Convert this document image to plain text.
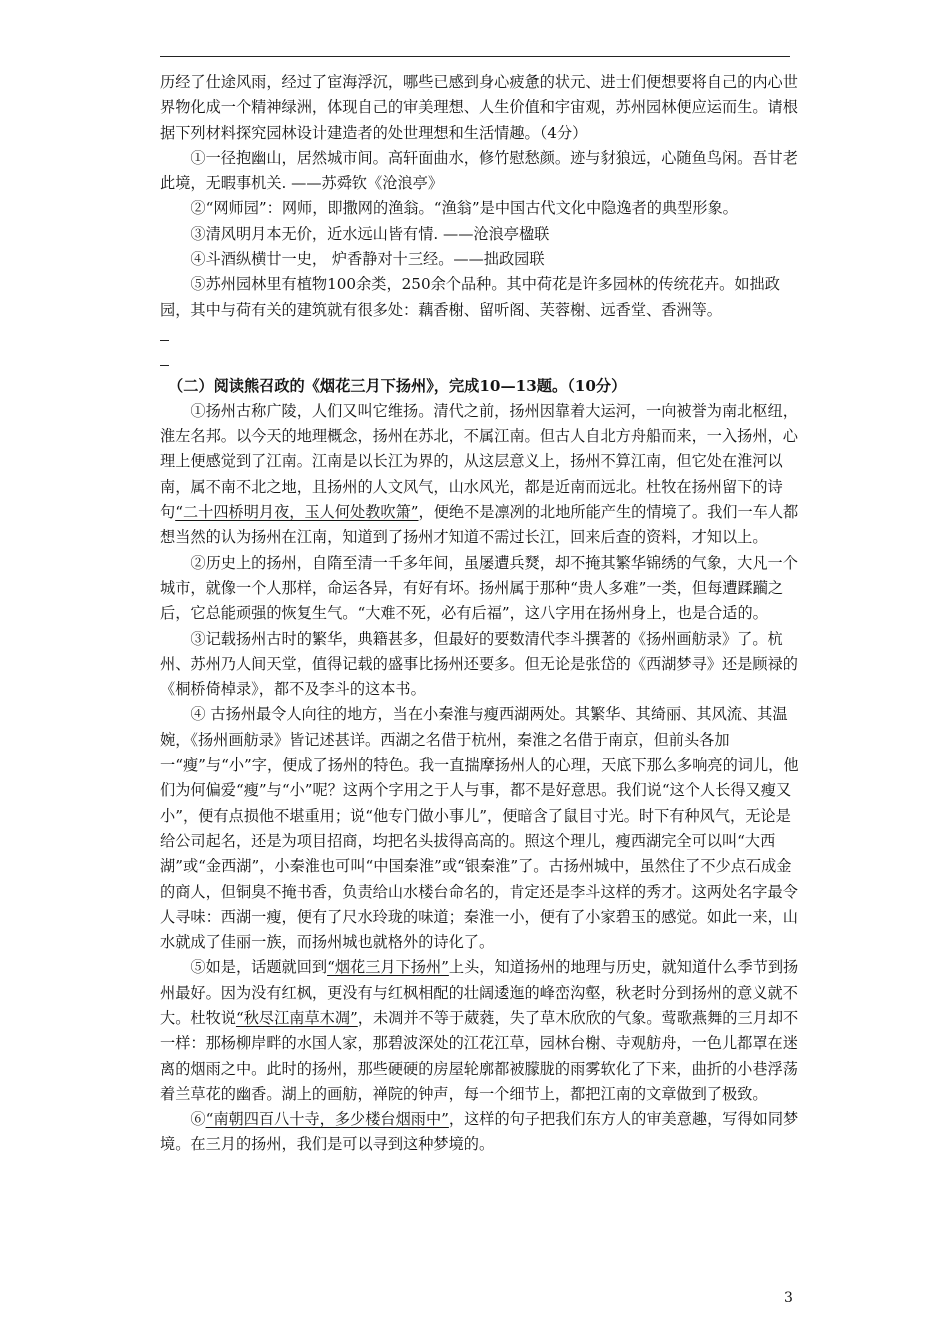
历经了仕途风雨，经过了宦海浮沉，哪些已感到身心疲惫的状元、进士们便想要将自己的内心世界物化成一个精神绿洲，体现自己的审美理想、人生价值和宇宙观，苏州园林便应运而生。请根据下列材料探究园林设计建造者的处世理想和生活情趣。（4分）

①一径抱幽山，居然城市间。高轩面曲水，修竹慰愁颜。迹与豺狼远，心随鱼鸟闲。吾甘老此境，无暇事机关. ——苏舜钦《沧浪亭》

②“网师园”：网师，即撒网的渔翁。“渔翁”是中国古代文化中隐逸者的典型形象。

③清风明月本无价，近水远山皆有情. ——沧浪亭楹联

④斗酒纵横廿一史， 炉香静对十三经。——拙政园联

⑤苏州园林里有植物100余类，250余个品种。其中荷花是许多园林的传统花卉。如拙政园，其中与荷有关的建筑就有很多处：藕香榭、留听阁、芙蓉榭、远香堂、香洲等。

（二）阅读熊召政的《烟花三月下扬州》，完成10—13题。（10分）

①扬州古称广陵，人们又叫它维扬。清代之前，扬州因靠着大运河，一向被誉为南北枢纽，淮左名邦。以今天的地理概念，扬州在苏北，不属江南。但古人自北方舟船而来，一入扬州，心理上便感觉到了江南。江南是以长江为界的，从这层意义上，扬州不算江南，但它处在淮河以南，属不南不北之地，且扬州的人文风气，山水风光，都是近南而远北。杜牧在扬州留下的诗句“二十四桥明月夜，玉人何处教吹箫”，便绝不是凛冽的北地所能产生的情境了。我们一车人都想当然的认为扬州在江南，知道到了扬州才知道不需过长江，回来后查的资料，才知以上。

②历史上的扬州，自隋至清一千多年间，虽屡遭兵燹，却不掩其繁华锦绣的气象，大凡一个城市，就像一个人那样，命运各异，有好有坏。扬州属于那种“贵人多难”一类，但每遭蹂躏之后，它总能顽强的恢复生气。“大难不死，必有后福”，这八字用在扬州身上，也是合适的。

③记载扬州古时的繁华，典籍甚多，但最好的要数清代李斗撰著的《扬州画舫录》了。杭州、苏州乃人间天堂，值得记载的盛事比扬州还要多。但无论是张岱的《西湖梦寻》还是顾禄的《桐桥倚棹录》，都不及李斗的这本书。

④ 古扬州最令人向往的地方，当在小秦淮与瘦西湖两处。其繁华、其绮丽、其风流、其温婉，《扬州画舫录》皆记述甚详。西湖之名借于杭州，秦淮之名借于南京，但前头各加一“瘦”与“小”字，便成了扬州的特色。我一直揣摩扬州人的心理，天底下那么多响亮的词儿，他们为何偏爱“瘦”与“小”呢？这两个字用之于人与事，都不是好意思。我们说“这个人长得又瘦又小”，便有点损他不堪重用；说“他专门做小事儿”，便暗含了鼠目寸光。时下有种风气，无论是给公司起名，还是为项目招商，均把名头拔得高高的。照这个理儿，瘦西湖完全可以叫“大西湖”或“金西湖”，小秦淮也可叫“中国秦淮”或“银秦淮”了。古扬州城中，虽然住了不少点石成金的商人，但铜臭不掩书香，负责给山水楼台命名的，肯定还是李斗这样的秀才。这两处名字最令人寻味：西湖一瘦，便有了尺水玲珑的味道；秦淮一小，便有了小家碧玉的感觉。如此一来，山水就成了佳丽一族，而扬州城也就格外的诗化了。

⑤如是，话题就回到“烟花三月下扬州”上头，知道扬州的地理与历史，就知道什么季节到扬州最好。因为没有红枫，更没有与红枫相配的壮阔逶迤的峰峦沟壑，秋老时分到扬州的意义就不大。杜牧说“秋尽江南草木凋”，未凋并不等于葳蕤，失了草木欣欣的气象。莺歌燕舞的三月却不一样：那杨柳岸畔的水国人家，那碧波深处的江花江草，园林台榭、寺观舫舟，一色儿都罩在迷离的烟雨之中。此时的扬州，那些硬硬的房屋轮廓都被朦胧的雨雾软化了下来，曲折的小巷浮荡着兰草花的幽香。湖上的画舫，禅院的钟声，每一个细节上，都把江南的文章做到了极致。

⑥“南朝四百八十寺，多少楼台烟雨中”，这样的句子把我们东方人的审美意趣，写得如同梦境。在三月的扬州，我们是可以寻到这种梦境的。

3
